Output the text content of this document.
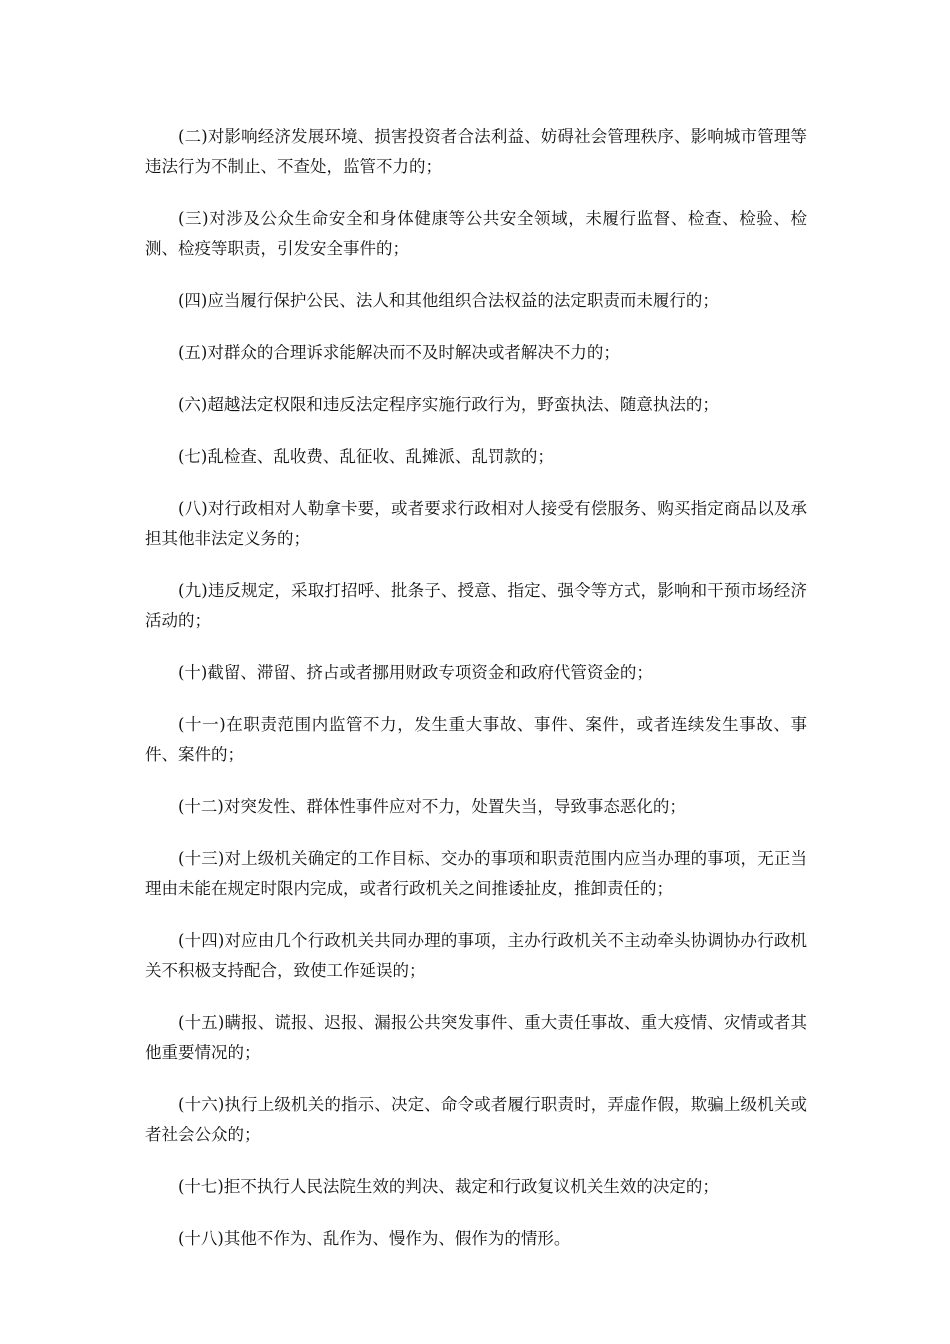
(二)对影响经济发展环境、损害投资者合法利益、妨碍社会管理秩序、影响城市管理等违法行为不制止、不查处，监管不力的；

(三)对涉及公众生命安全和身体健康等公共安全领域，未履行监督、检查、检验、检测、检疫等职责，引发安全事件的；

(四)应当履行保护公民、法人和其他组织合法权益的法定职责而未履行的；

(五)对群众的合理诉求能解决而不及时解决或者解决不力的；

(六)超越法定权限和违反法定程序实施行政行为，野蛮执法、随意执法的；

(七)乱检查、乱收费、乱征收、乱摊派、乱罚款的；

(八)对行政相对人勒拿卡要，或者要求行政相对人接受有偿服务、购买指定商品以及承担其他非法定义务的；

(九)违反规定，采取打招呼、批条子、授意、指定、强令等方式，影响和干预市场经济活动的；

(十)截留、滞留、挤占或者挪用财政专项资金和政府代管资金的；

(十一)在职责范围内监管不力，发生重大事故、事件、案件，或者连续发生事故、事件、案件的；

(十二)对突发性、群体性事件应对不力，处置失当，导致事态恶化的；

(十三)对上级机关确定的工作目标、交办的事项和职责范围内应当办理的事项，无正当理由未能在规定时限内完成，或者行政机关之间推诿扯皮，推卸责任的；

(十四)对应由几个行政机关共同办理的事项，主办行政机关不主动牵头协调协办行政机关不积极支持配合，致使工作延误的；

(十五)瞒报、谎报、迟报、漏报公共突发事件、重大责任事故、重大疫情、灾情或者其他重要情况的；

(十六)执行上级机关的指示、决定、命令或者履行职责时，弄虚作假，欺骗上级机关或者社会公众的；

(十七)拒不执行人民法院生效的判决、裁定和行政复议机关生效的决定的；

(十八)其他不作为、乱作为、慢作为、假作为的情形。
